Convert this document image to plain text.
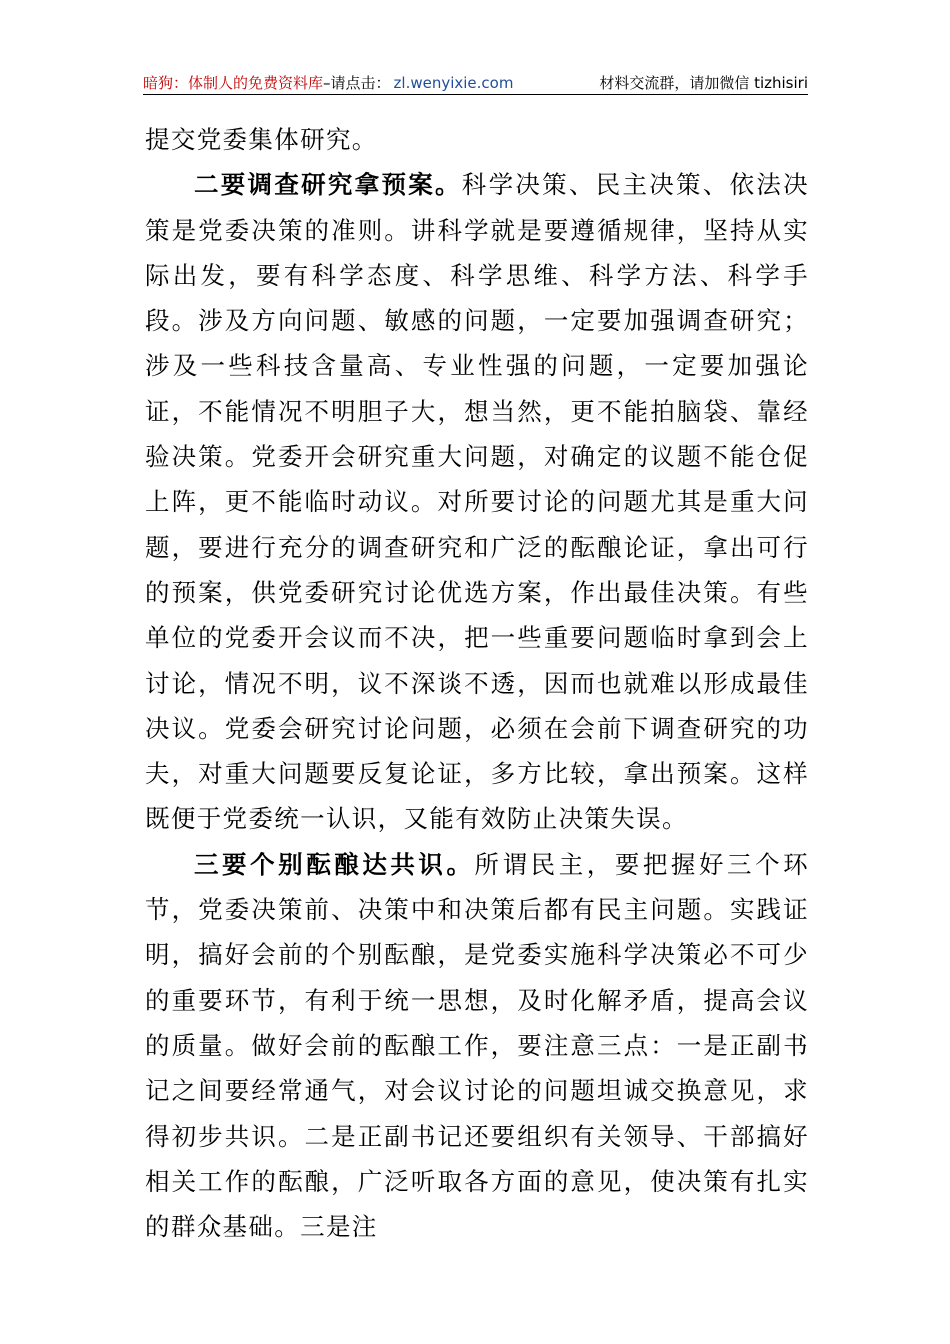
暗狗：体制人的免费资料库 –请点击： zl.wenyixie.com	材料交流群，请加微信 tizhisiri

提交党委集体研究。

二要调查研究拿预案。科学决策、民主决策、依法决策是党委决策的准则。讲科学就是要遵循规律，坚持从实际出发，要有科学态度、科学思维、科学方法、科学手段。涉及方向问题、敏感的问题，一定要加强调查研究；涉及一些科技含量高、专业性强的问题，一定要加强论证，不能情况不明胆子大，想当然，更不能拍脑袋、靠经验决策。党委开会研究重大问题，对确定的议题不能仓促上阵，更不能临时动议。对所要讨论的问题尤其是重大问题，要进行充分的调查研究和广泛的酝酿论证，拿出可行的预案，供党委研究讨论优选方案，作出最佳决策。有些单位的党委开会议而不决，把一些重要问题临时拿到会上讨论，情况不明，议不深谈不透，因而也就难以形成最佳决议。党委会研究讨论问题，必须在会前下调查研究的功夫，对重大问题要反复论证，多方比较，拿出预案。这样既便于党委统一认识，又能有效防止决策失误。

三要个别酝酿达共识。所谓民主，要把握好三个环节，党委决策前、决策中和决策后都有民主问题。实践证明，搞好会前的个别酝酿，是党委实施科学决策必不可少的重要环节，有利于统一思想，及时化解矛盾，提高会议的质量。做好会前的酝酿工作，要注意三点：一是正副书记之间要经常通气，对会议讨论的问题坦诚交换意见，求得初步共识。二是正副书记还要组织有关领导、干部搞好相关工作的酝酿，广泛听取各方面的意见，使决策有扎实的群众基础。三是注
